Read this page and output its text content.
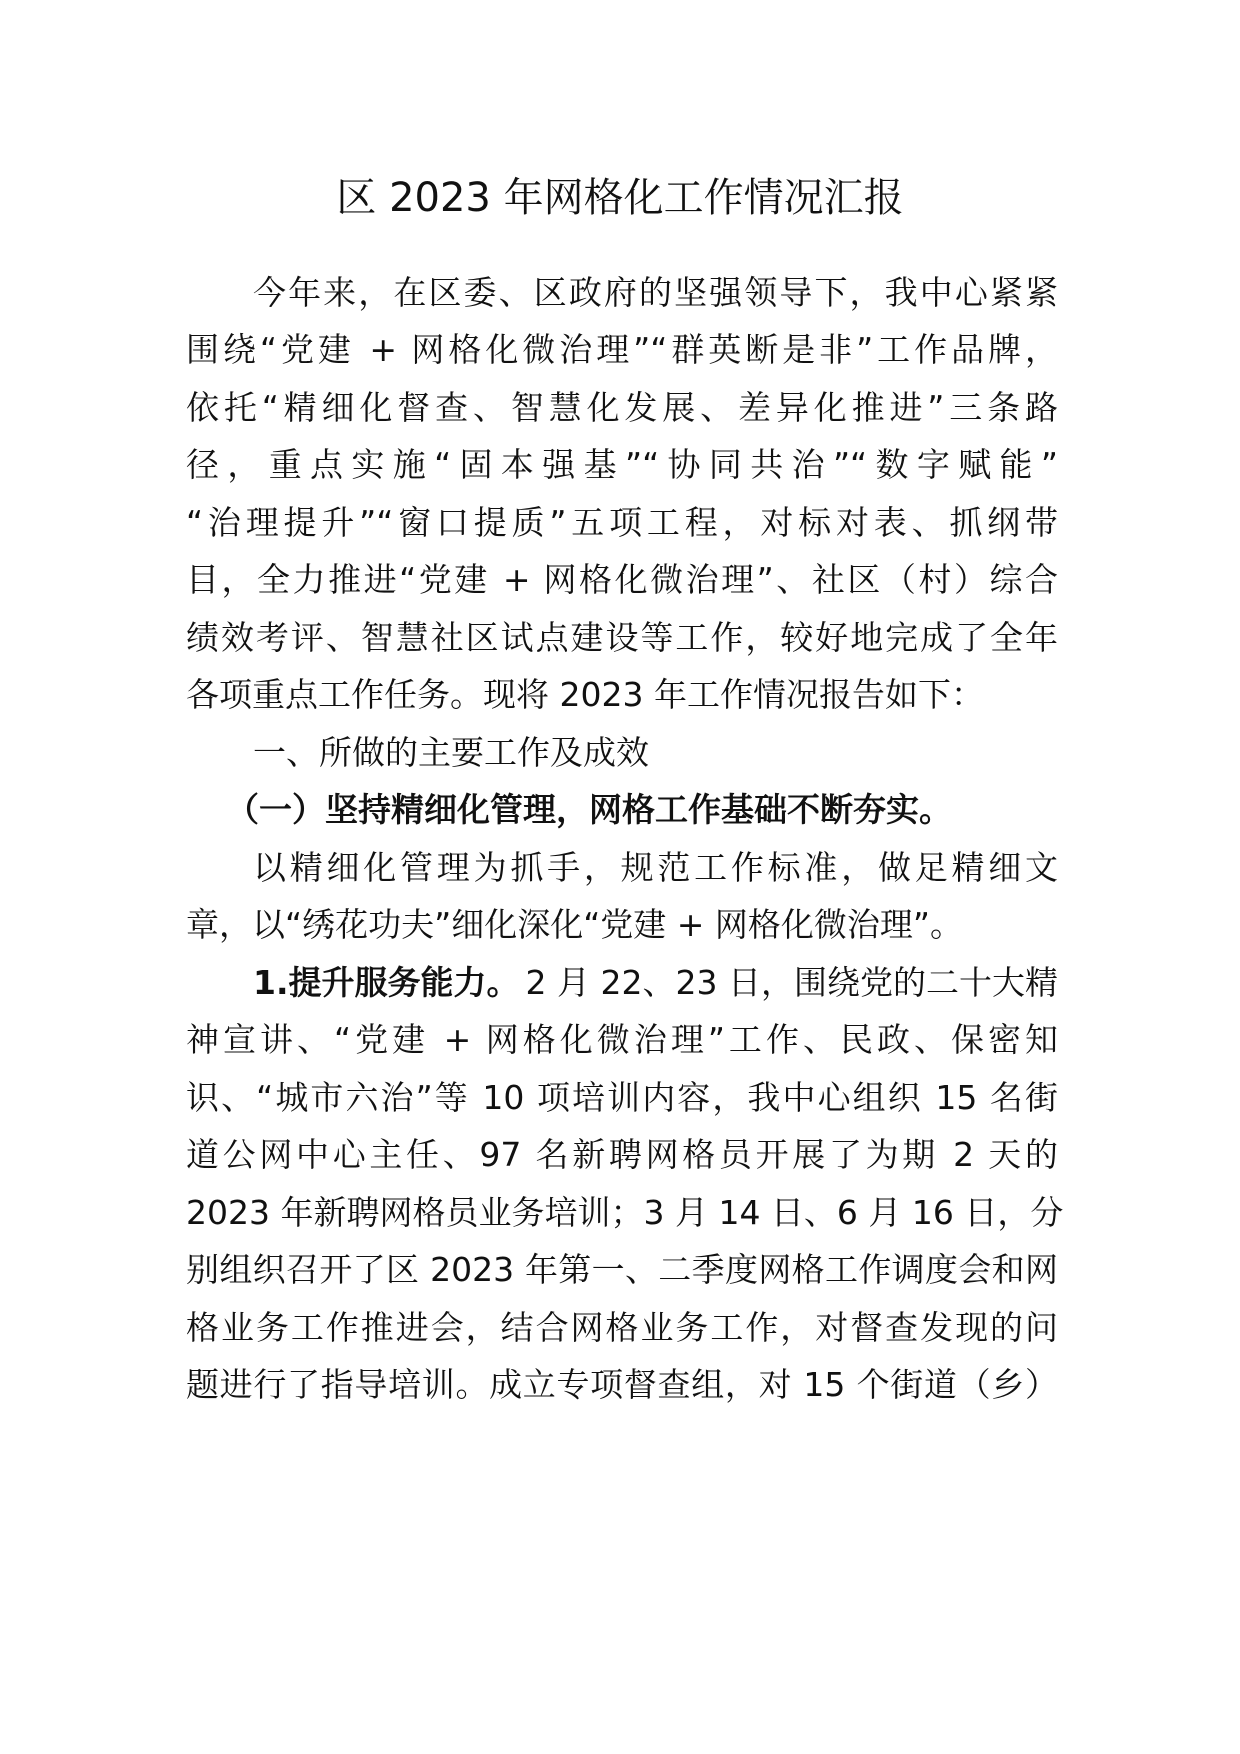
区 2023 年网格化工作情况汇报

今年来，在区委、区政府的坚强领导下，我中心紧紧

围绕“党建 + 网格化微治理”“群英断是非”工作品牌，

依托“精细化督查、智慧化发展、差异化推进”三条路

径，重点实施“固本强基”“协同共治”“数字赋能”

“治理提升”“窗口提质”五项工程，对标对表、抓纲带

目，全力推进“党建 + 网格化微治理”、社区（村）综合

绩效考评、智慧社区试点建设等工作，较好地完成了全年

各项重点工作任务。现将 2023 年工作情况报告如下：

一、所做的主要工作及成效

（一）坚持精细化管理，网格工作基础不断夯实。

以精细化管理为抓手，规范工作标准，做足精细文

章，以“绣花功夫”细化深化“党建 + 网格化微治理”。

1.提升服务能力。 2 月 22、23 日，围绕党的二十大精

神宣讲、“党建 + 网格化微治理”工作、民政、保密知

识、“城市六治”等 10 项培训内容，我中心组织 15 名街

道公网中心主任、97 名新聘网格员开展了为期 2 天的

2023 年新聘网格员业务培训；3 月 14 日、6 月 16 日，分

别组织召开了区 2023 年第一、二季度网格工作调度会和网

格业务工作推进会，结合网格业务工作，对督查发现的问

题进行了指导培训。成立专项督查组，对 15 个街道（乡）
